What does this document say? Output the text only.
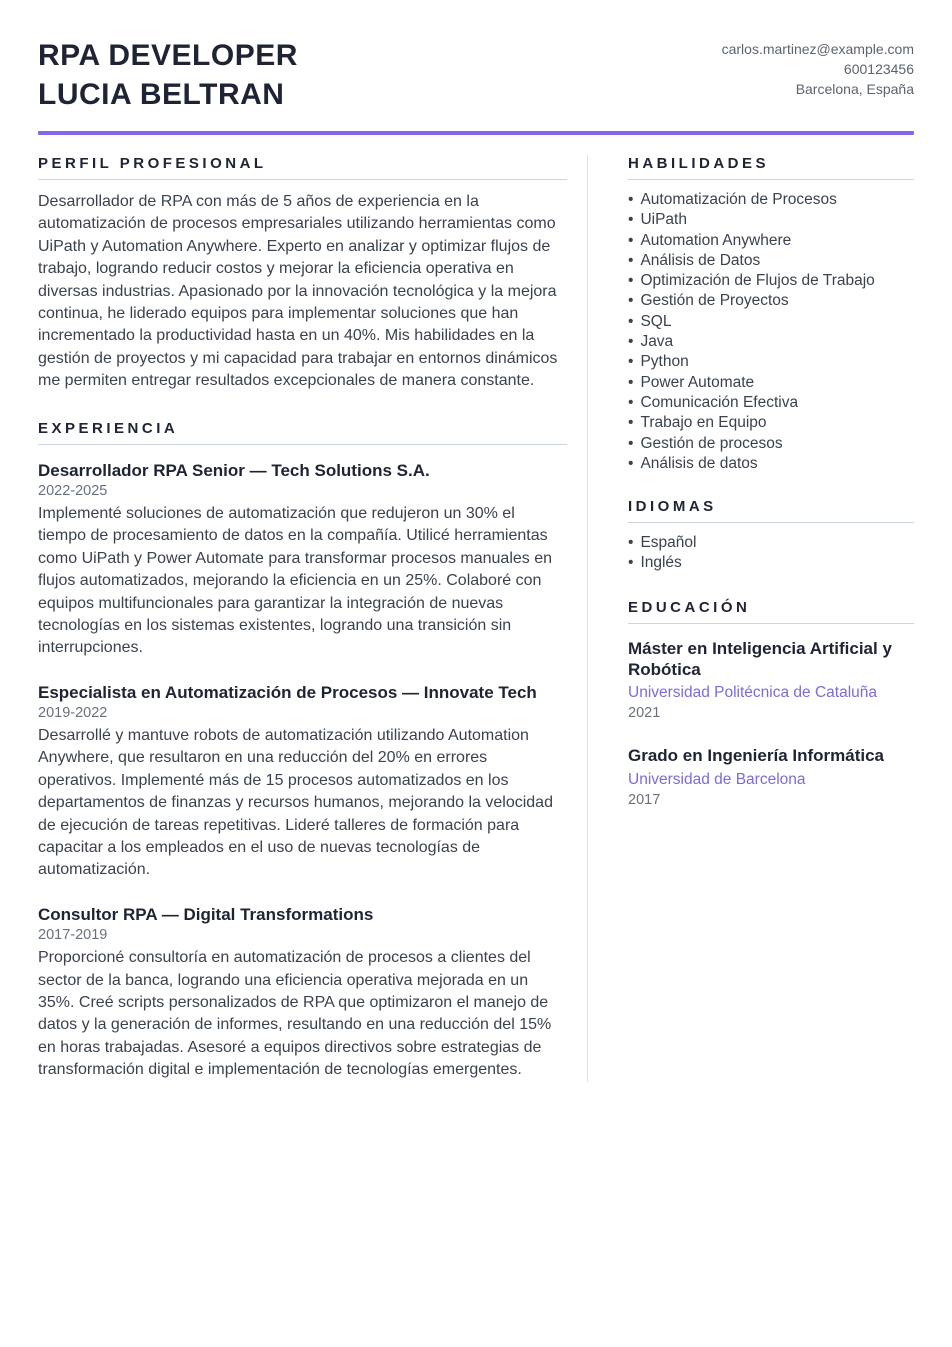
RPA DEVELOPER
LUCIA BELTRAN
carlos.martinez@example.com
600123456
Barcelona, España
PERFIL PROFESIONAL
Desarrollador de RPA con más de 5 años de experiencia en la automatización de procesos empresariales utilizando herramientas como UiPath y Automation Anywhere. Experto en analizar y optimizar flujos de trabajo, logrando reducir costos y mejorar la eficiencia operativa en diversas industrias. Apasionado por la innovación tecnológica y la mejora continua, he liderado equipos para implementar soluciones que han incrementado la productividad hasta en un 40%. Mis habilidades en la gestión de proyectos y mi capacidad para trabajar en entornos dinámicos me permiten entregar resultados excepcionales de manera constante.
EXPERIENCIA
Desarrollador RPA Senior — Tech Solutions S.A.
2022-2025
Implementé soluciones de automatización que redujeron un 30% el tiempo de procesamiento de datos en la compañía. Utilicé herramientas como UiPath y Power Automate para transformar procesos manuales en flujos automatizados, mejorando la eficiencia en un 25%. Colaboré con equipos multifuncionales para garantizar la integración de nuevas tecnologías en los sistemas existentes, logrando una transición sin interrupciones.
Especialista en Automatización de Procesos — Innovate Tech
2019-2022
Desarrollé y mantuve robots de automatización utilizando Automation Anywhere, que resultaron en una reducción del 20% en errores operativos. Implementé más de 15 procesos automatizados en los departamentos de finanzas y recursos humanos, mejorando la velocidad de ejecución de tareas repetitivas. Lideré talleres de formación para capacitar a los empleados en el uso de nuevas tecnologías de automatización.
Consultor RPA — Digital Transformations
2017-2019
Proporcioné consultoría en automatización de procesos a clientes del sector de la banca, logrando una eficiencia operativa mejorada en un 35%. Creé scripts personalizados de RPA que optimizaron el manejo de datos y la generación de informes, resultando en una reducción del 15% en horas trabajadas. Asesoré a equipos directivos sobre estrategias de transformación digital e implementación de tecnologías emergentes.
HABILIDADES
• Automatización de Procesos
• UiPath
• Automation Anywhere
• Análisis de Datos
• Optimización de Flujos de Trabajo
• Gestión de Proyectos
• SQL
• Java
• Python
• Power Automate
• Comunicación Efectiva
• Trabajo en Equipo
• Gestión de procesos
• Análisis de datos
IDIOMAS
• Español
• Inglés
EDUCACIÓN
Máster en Inteligencia Artificial y Robótica
Universidad Politécnica de Cataluña
2021
Grado en Ingeniería Informática
Universidad de Barcelona
2017
